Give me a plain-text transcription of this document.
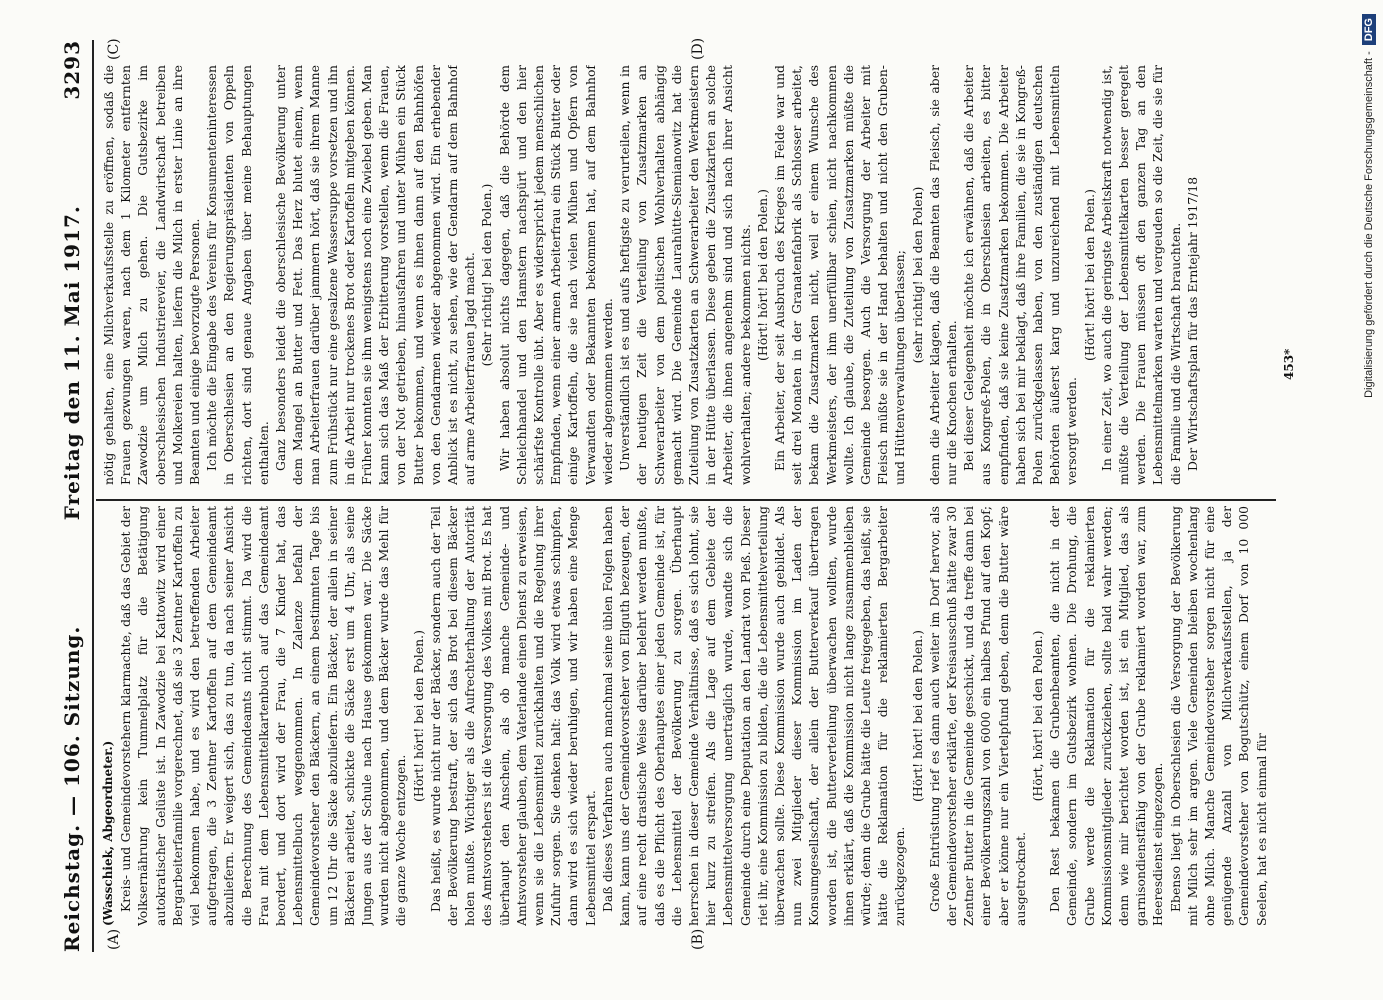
Reichstag. — 106. Sitzung.
Freitag den 11. Mai 1917.
3293
(A)	(B)
(C)	(D)

(Wasschiek, Abgeordneter.) Kreis- und Gemeindevorstehern klarmachte, daß das Gebiet der Volksernährung kein Tummelplatz für die Betätigung autokratischer Gelüste ist. In Zawodzie bei Kattowitz wird einer Bergarbeiterfamilie vorgerechnet, daß sie 3 Zentner Kartoffeln zu viel bekommen habe, und es wird den betreffenden Arbeiter aufgetragen, die 3 Zentner Kartoffeln auf dem Gemeindeamt abzuliefern. Er weigert sich, das zu tun, da nach seiner Ansicht die Berechnung des Gemeindeamts nicht stimmt. Da wird die Frau mit dem Lebensmittelkartenbuch auf das Gemeindeamt beordert, und dort wird der Frau, die 7 Kinder hat, das Lebensmittelbuch weggenommen. In Zalenze befahl der Gemeindevorsteher den Bäckern, an einem bestimmten Tage bis um 12 Uhr die Säcke abzuliefern. Ein Bäcker, der allein in seiner Bäckerei arbeitet, schickte die Säcke erst um 4 Uhr, als seine Jungen aus der Schule nach Hause gekommen war. Die Säcke wurden nicht abgenommen, und dem Bäcker wurde das Mehl für die ganze Woche entzogen.

(Hört! hört! bei den Polen.) Das heißt, es wurde nicht nur der Bäcker, sondern auch der Teil der Bevölkerung bestraft, der sich das Brot bei diesem Bäcker holen mußte. Wichtiger als die Aufrechterhaltung der Autorität des Amtsvorstehers ist die Versorgung des Volkes mit Brot. Es hat überhaupt den Anschein, als ob manche Gemeinde- und Amtsvorsteher glauben, dem Vaterlande einen Dienst zu erweisen, wenn sie die Lebensmittel zurückhalten und die Regelung ihrer Zufuhr sorgen. Sie denken halt: das Volk wird etwas schimpfen, dann wird es sich wieder beruhigen, und wir haben eine Menge Lebensmittel erspart. Daß dieses Verfahren auch manchmal seine üblen Folgen haben kann, kann uns der Gemeindevorsteher von Ellguth bezeugen, der auf eine recht drastische Weise darüber belehrt werden mußte, daß es die Pflicht des Oberhauptes einer jeden Gemeinde ist, für die Lebensmittel der Bevölkerung zu sorgen. Überhaupt herrschen in dieser Gemeinde Verhältnisse, daß es sich lohnt, sie hier kurz zu streifen. Als die Lage auf dem Gebiete der Lebensmittelversorgung unerträglich wurde, wandte sich die Gemeinde durch eine Deputation an den Landrat von Pleß. Dieser riet ihr, eine Kommission zu bilden, die die Lebensmittelverteilung überwachen sollte. Diese Kommission wurde auch gebildet. Als nun zwei Mitglieder dieser Kommission im Laden der Konsumgesellschaft, der allein der Butterverkauf übertragen worden ist, die Butterverteilung überwachen wollten, wurde ihnen erklärt, daß die Kommission nicht lange zusammenbleiben würde; denn die Grube hätte die Leute freigegeben, das heißt, sie hätte die Reklamation für die reklamierten Bergarbeiter zurückgezogen.

(Hört! hört! bei den Polen.) Große Entrüstung rief es dann auch weiter im Dorf hervor, als der Gemeindevorsteher erklärte, der Kreisausschuß hätte zwar 30 Zentner Butter in die Gemeinde geschickt, und da treffe dann bei einer Bevölkerungszahl von 6000 ein halbes Pfund auf den Kopf; aber er könne nur ein Viertelpfund geben, denn die Butter wäre ausgetrocknet.

(Hört, hört! bei den Polen.) Den Rest bekamen die Grubenbeamten, die nicht in der Gemeinde, sondern im Gutsbezirk wohnen. Die Drohung, die Grube werde die Reklamation für die reklamierten Kommissionsmitglieder zurückziehen, sollte bald wahr werden; denn wie mir berichtet worden ist, ist ein Mitglied, das als garnisondienstfähig von der Grube reklamiert worden war, zum Heeresdienst eingezogen. Ebenso liegt in Oberschlesien die Versorgung der Bevölkerung mit Milch sehr im argen. Viele Gemeinden bleiben wochenlang ohne Milch. Manche Gemeindevorsteher sorgen nicht für eine genügende Anzahl von Milchverkaufsstellen, ja der Gemeindevorsteher von Bogutschütz, einem Dorf von 10 000 Seelen, hat es nicht einmal für

nötig gehalten, eine Milchverkaufsstelle zu eröffnen, sodaß die Frauen gezwungen waren, nach dem 1 Kilometer entfernten Zawodzie um Milch zu gehen. Die Gutsbezirke im oberschlesischen Industrierevier, die Landwirtschaft betreiben und Molkereien halten, liefern die Milch in erster Linie an ihre Beamten und einige bevorzugte Personen. Ich möchte die Eingabe des Vereins für Konsumenteninteressen in Oberschlesien an den Regierungspräsidenten von Oppeln richten, dort sind genaue Angaben über meine Behauptungen enthalten. Ganz besonders leidet die oberschlesische Bevölkerung unter dem Mangel an Butter und Fett. Das Herz blutet einem, wenn man Arbeiterfrauen darüber jammern hört, daß sie ihrem Manne zum Frühstück nur eine gesalzene Wassersuppe vorsetzen und ihn in die Arbeit nur trockenes Brot oder Kartoffeln mitgeben können. Früher konnten sie ihm wenigstens noch eine Zwiebel geben. Man kann sich das Maß der Erbitterung vorstellen, wenn die Frauen, von der Not getrieben, hinausfahren und unter Mühen ein Stück Butter bekommen, und wenn es ihnen dann auf den Bahnhöfen von den Gendarmen wieder abgenommen wird. Ein erhebender Anblick ist es nicht, zu sehen, wie der Gendarm auf dem Bahnhof auf arme Arbeiterfrauen Jagd macht. (Sehr richtig! bei den Polen.) Wir haben absolut nichts dagegen, daß die Behörde dem Schleichhandel und den Hamstern nachspürt und den hier schärfste Kontrolle übt. Aber es widerspricht jedem menschlichen Empfinden, wenn einer armen Arbeiterfrau ein Stück Butter oder einige Kartoffeln, die sie nach vielen Mühen und Opfern von Verwandten oder Bekannten bekommen hat, auf dem Bahnhof wieder abgenommen werden. Unverständlich ist es und aufs heftigste zu verurteilen, wenn in der heutigen Zeit die Verteilung von Zusatzmarken an Schwerarbeiter von dem politischen Wohlverhalten abhängig gemacht wird. Die Gemeinde Laurahütte-Siemianowitz hat die Zuteilung von Zusatzkarten an Schwerarbeiter den Werkmeistern in der Hütte überlassen. Diese geben die Zusatzkarten an solche Arbeiter, die ihnen angenehm sind und sich nach ihrer Ansicht wohlverhalten; andere bekommen nichts. (Hört! hört! bei den Polen.) Ein Arbeiter, der seit Ausbruch des Krieges im Felde war und seit drei Monaten in der Granatenfabrik als Schlosser arbeitet, bekam die Zusatzmarken nicht, weil er einem Wunsche des Werkmeisters, der ihm unerfüllbar schien, nicht nachkommen wollte. Ich glaube, die Zuteilung von Zusatzmarken müßte die Gemeinde besorgen. Auch die Versorgung der Arbeiter mit Fleisch müßte sie in der Hand behalten und nicht den Gruben- und Hüttenverwaltungen überlassen; (sehr richtig! bei den Polen) denn die Arbeiter klagen, daß die Beamten das Fleisch, sie aber nur die Knochen erhalten. Bei dieser Gelegenheit möchte ich erwähnen, daß die Arbeiter aus Kongreß-Polen, die in Oberschlesien arbeiten, es bitter empfinden, daß sie keine Zusatzmarken bekommen. Die Arbeiter haben sich bei mir beklagt, daß ihre Familien, die sie in Kongreß-Polen zurückgelassen haben, von den zuständigen deutschen Behörden äußerst karg und unzureichend mit Lebensmitteln versorgt werden.

(Hört! hört! bei den Polen.) In einer Zeit, wo auch die geringste Arbeitskraft notwendig ist, müßte die Verteilung der Lebensmittelkarten besser geregelt werden. Die Frauen müssen oft den ganzen Tag an den Lebensmittelmarken warten und vergeuden so die Zeit, die sie für die Familie und die Wirtschaft brauchten. Der Wirtschaftsplan für das Erntejahr 1917/18	453*	Digitalisierung gefördert durch die Deutsche Forschungsgemeinschaft -
DFG
